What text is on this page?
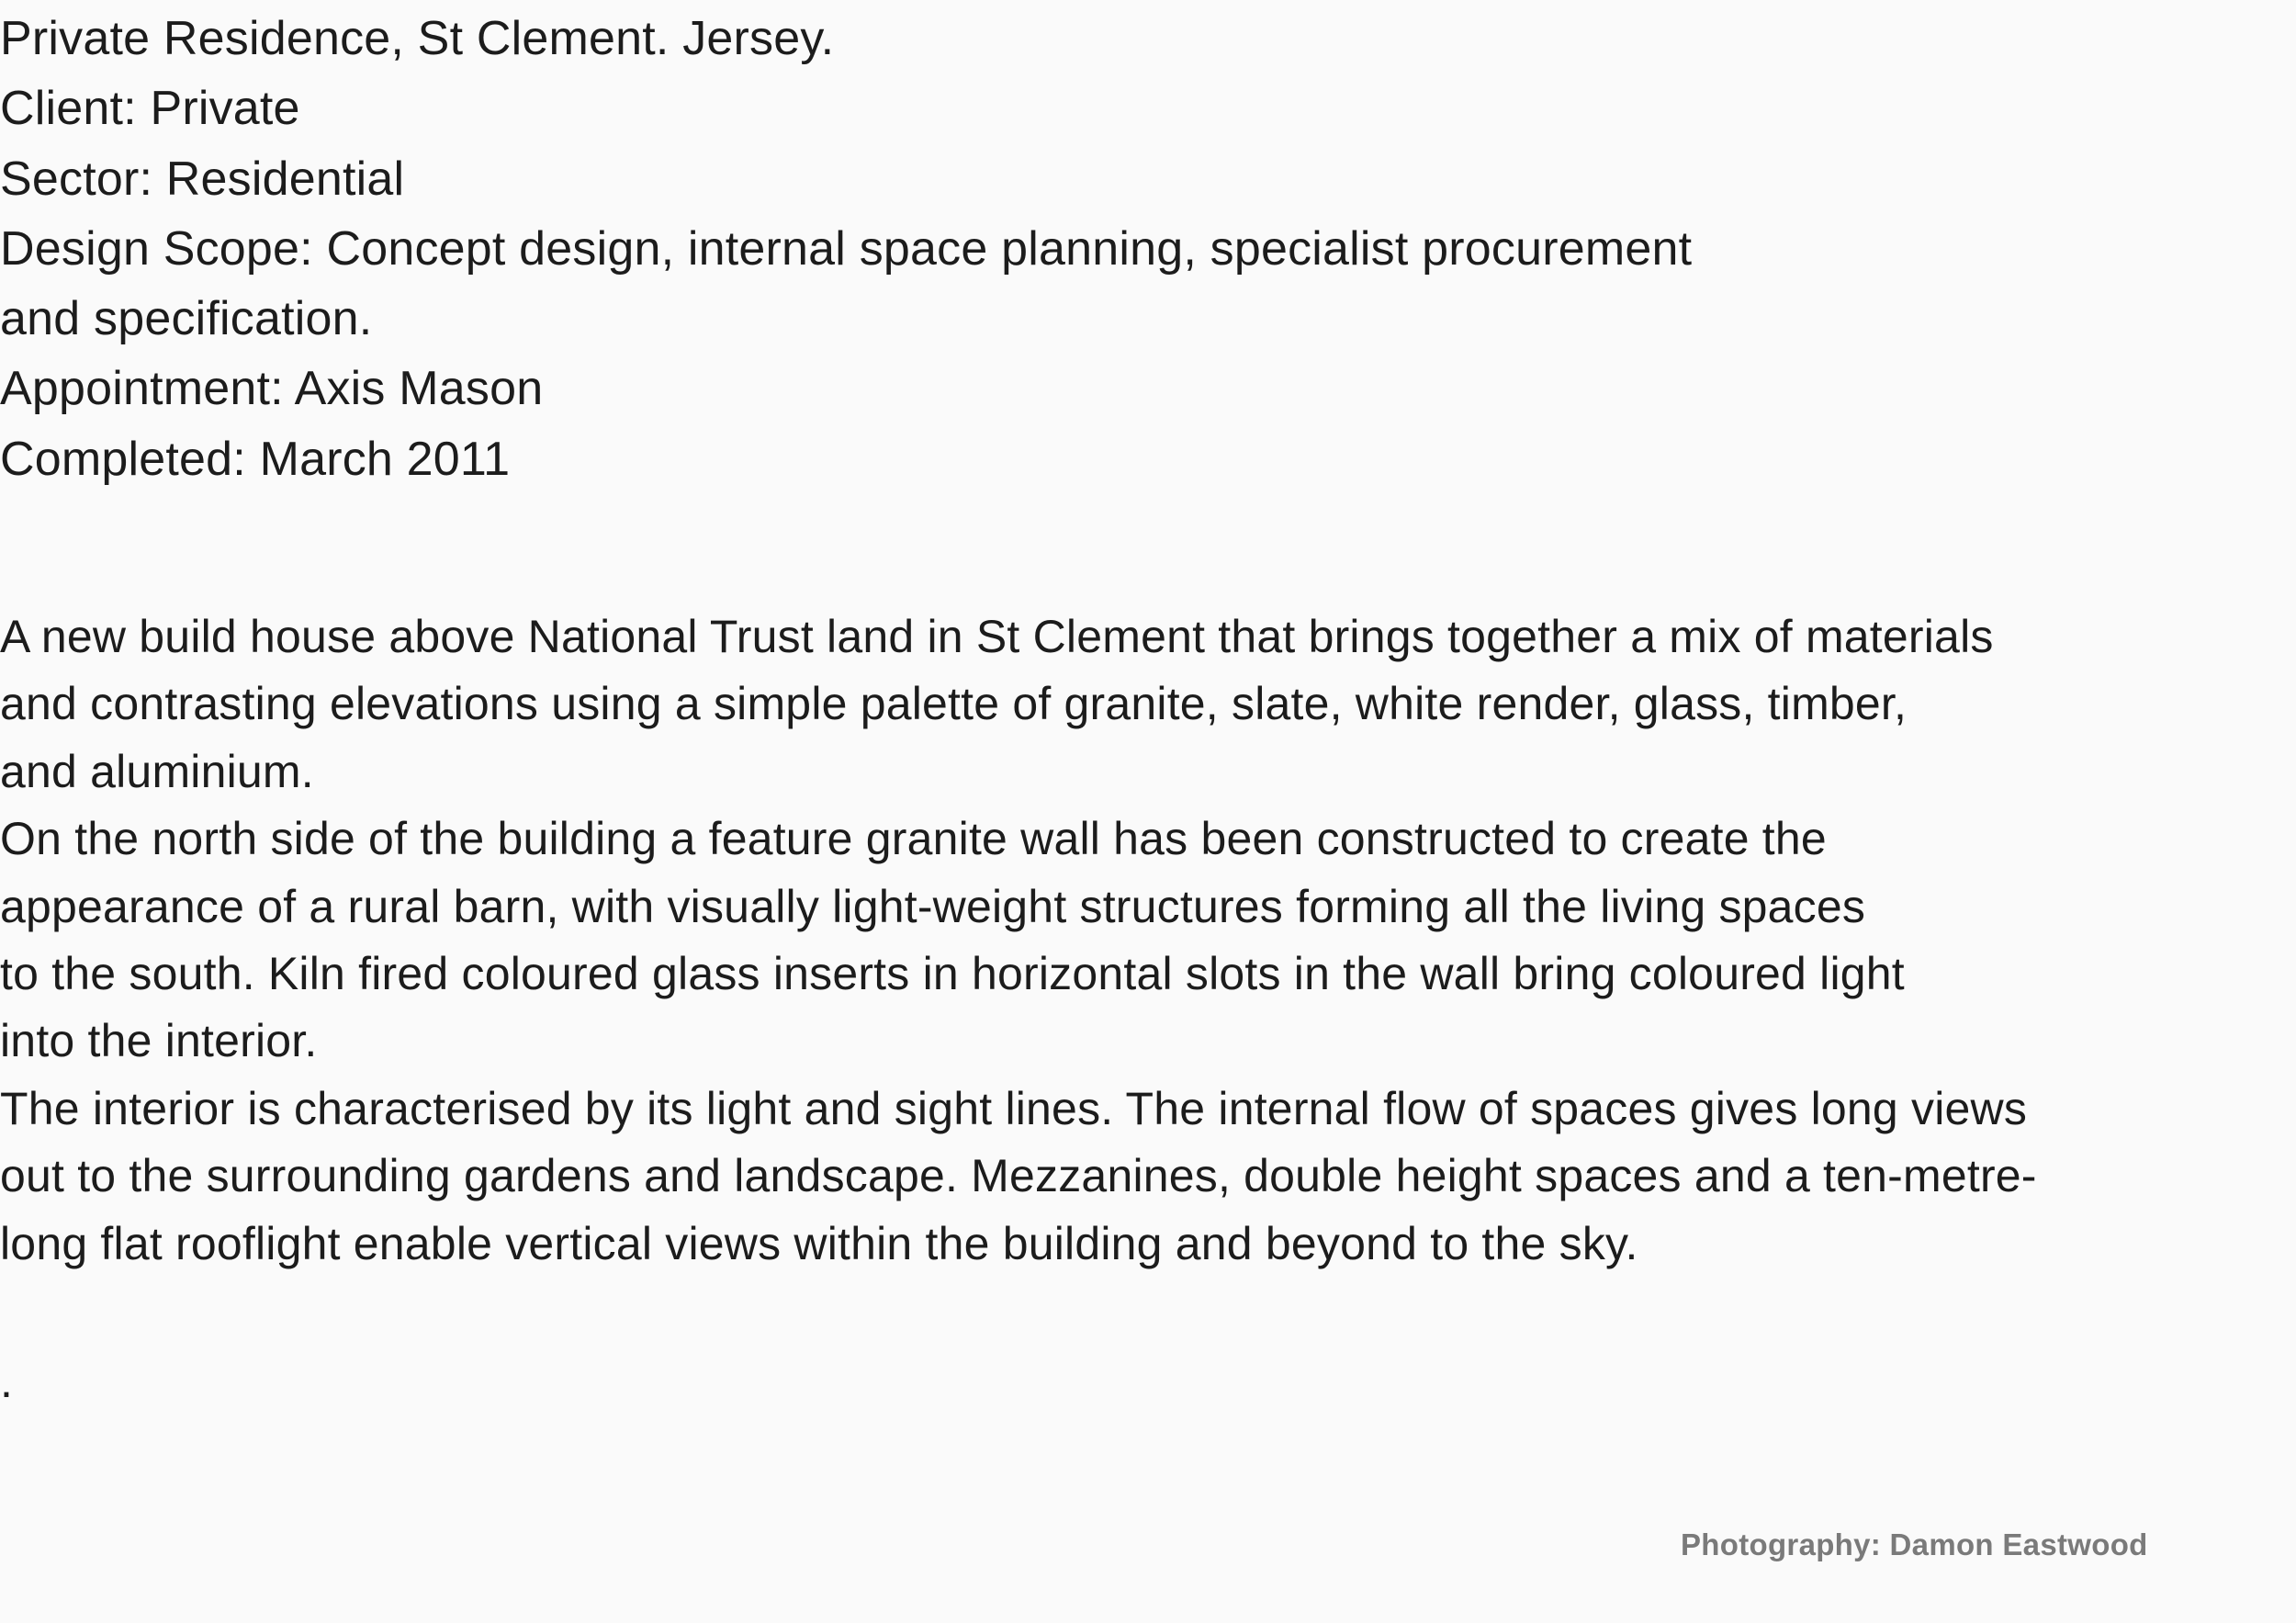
Private Residence, St Clement. Jersey.
Client: Private
Sector: Residential
Design Scope: Concept design, internal space planning, specialist procurement
and specification.
Appointment: Axis Mason
Completed: March 2011
A new build house above National Trust land in St Clement that brings together a mix of materials
and contrasting elevations using a simple palette of granite, slate, white render, glass, timber,
and aluminium.
On the north side of the building a feature granite wall has been constructed to create the
appearance of a rural barn, with visually light-weight structures forming all the living spaces
to the south. Kiln fired coloured glass inserts in horizontal slots in the wall bring coloured light
into the interior.
The interior is characterised by its light and sight lines. The internal flow of spaces gives long views
out to the surrounding gardens and landscape. Mezzanines, double height spaces and a ten-metre-
long flat rooflight enable vertical views within the building and beyond to the sky.
.
Photography: Damon Eastwood
